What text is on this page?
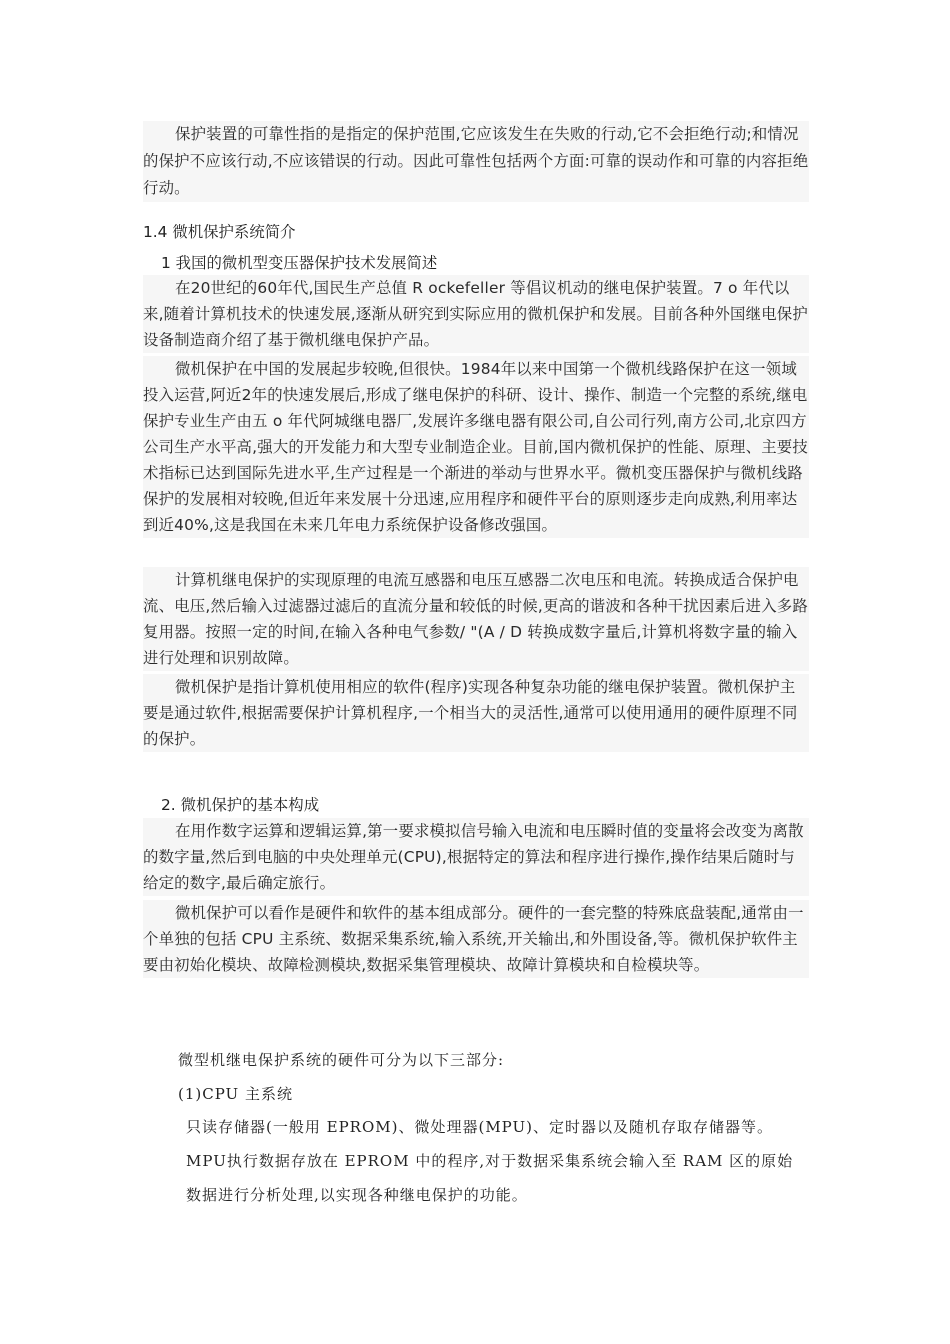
保护装置的可靠性指的是指定的保护范围,它应该发生在失败的行动,它不会拒绝行动;和情况的保护不应该行动,不应该错误的行动。因此可靠性包括两个方面:可靠的误动作和可靠的内容拒绝行动。

1.4 微机保护系统简介

1 我国的微机型变压器保护技术发展简述

在20世纪的60年代,国民生产总值 R ockefeller 等倡议机动的继电保护装置。7 o 年代以来,随着计算机技术的快速发展,逐渐从研究到实际应用的微机保护和发展。目前各种外国继电保护设备制造商介绍了基于微机继电保护产品。

微机保护在中国的发展起步较晚,但很快。1984年以来中国第一个微机线路保护在这一领域投入运营,阿近2年的快速发展后,形成了继电保护的科研、设计、操作、制造一个完整的系统,继电保护专业生产由五 o 年代阿城继电器厂,发展许多继电器有限公司,自公司行列,南方公司,北京四方公司生产水平高,强大的开发能力和大型专业制造企业。目前,国内微机保护的性能、原理、主要技术指标已达到国际先进水平,生产过程是一个渐进的举动与世界水平。微机变压器保护与微机线路保护的发展相对较晚,但近年来发展十分迅速,应用程序和硬件平台的原则逐步走向成熟,利用率达到近40%,这是我国在未来几年电力系统保护设备修改强国。

计算机继电保护的实现原理的电流互感器和电压互感器二次电压和电流。转换成适合保护电流、电压,然后输入过滤器过滤后的直流分量和较低的时候,更高的谐波和各种干扰因素后进入多路复用器。按照一定的时间,在输入各种电气参数/ "(A / D 转换成数字量后,计算机将数字量的输入进行处理和识别故障。

微机保护是指计算机使用相应的软件(程序)实现各种复杂功能的继电保护装置。微机保护主要是通过软件,根据需要保护计算机程序,一个相当大的灵活性,通常可以使用通用的硬件原理不同的保护。

2. 微机保护的基本构成

在用作数字运算和逻辑运算,第一要求模拟信号输入电流和电压瞬时值的变量将会改变为离散的数字量,然后到电脑的中央处理单元(CPU),根据特定的算法和程序进行操作,操作结果后随时与给定的数字,最后确定旅行。

微机保护可以看作是硬件和软件的基本组成部分。硬件的一套完整的特殊底盘装配,通常由一个单独的包括 CPU 主系统、数据采集系统,输入系统,开关输出,和外围设备,等。微机保护软件主要由初始化模块、故障检测模块,数据采集管理模块、故障计算模块和自检模块等。

微型机继电保护系统的硬件可分为以下三部分:

(1)CPU 主系统

只读存储器(一般用 EPROM)、微处理器(MPU)、定时器以及随机存取存储器等。MPU执行数据存放在 EPROM 中的程序,对于数据采集系统会输入至 RAM 区的原始数据进行分析处理,以实现各种继电保护的功能。
